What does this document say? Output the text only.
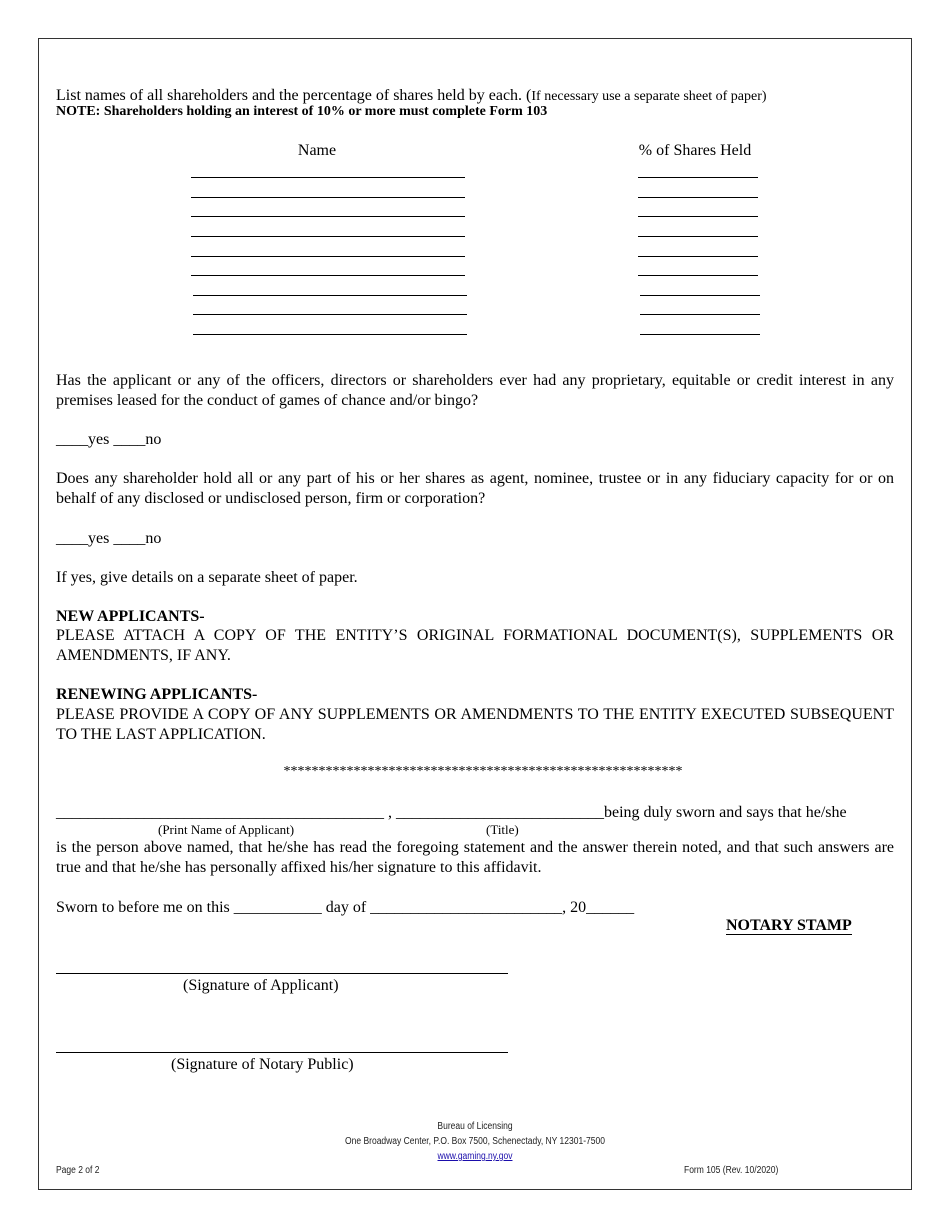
List names of all shareholders and the percentage of shares held by each. (If necessary use a separate sheet of paper)
NOTE: Shareholders holding an interest of 10% or more must complete Form 103
Name	% of Shares Held
Has the applicant or any of the officers, directors or shareholders ever had any proprietary, equitable or credit interest in any premises leased for the conduct of games of chance and/or bingo?
____yes ____no
Does any shareholder hold all or any part of his or her shares as agent, nominee, trustee or in any fiduciary capacity for or on behalf of any disclosed or undisclosed person, firm or corporation?
____yes ____no
If yes, give details on a separate sheet of paper.
NEW APPLICANTS-
PLEASE ATTACH A COPY OF THE ENTITY’S ORIGINAL FORMATIONAL DOCUMENT(S), SUPPLEMENTS OR AMENDMENTS, IF ANY.
RENEWING APPLICANTS-
PLEASE PROVIDE A COPY OF ANY SUPPLEMENTS OR AMENDMENTS TO THE ENTITY EXECUTED SUBSEQUENT TO THE LAST APPLICATION.
*********************************************************
_________________________________________ , __________________________being duly sworn and says that he/she
(Print Name of Applicant)	(Title)
is the person above named, that he/she has read the foregoing statement and the answer therein noted, and that such answers are true and that he/she has personally affixed his/her signature to this affidavit.
Sworn to before me on this ___________ day of ________________________, 20______
NOTARY STAMP
(Signature of Applicant)
(Signature of Notary Public)
Bureau of Licensing
One Broadway Center, P.O. Box 7500, Schenectady, NY 12301-7500
www.gaming.ny.gov
Page 2 of 2	Form 105 (Rev. 10/2020)
